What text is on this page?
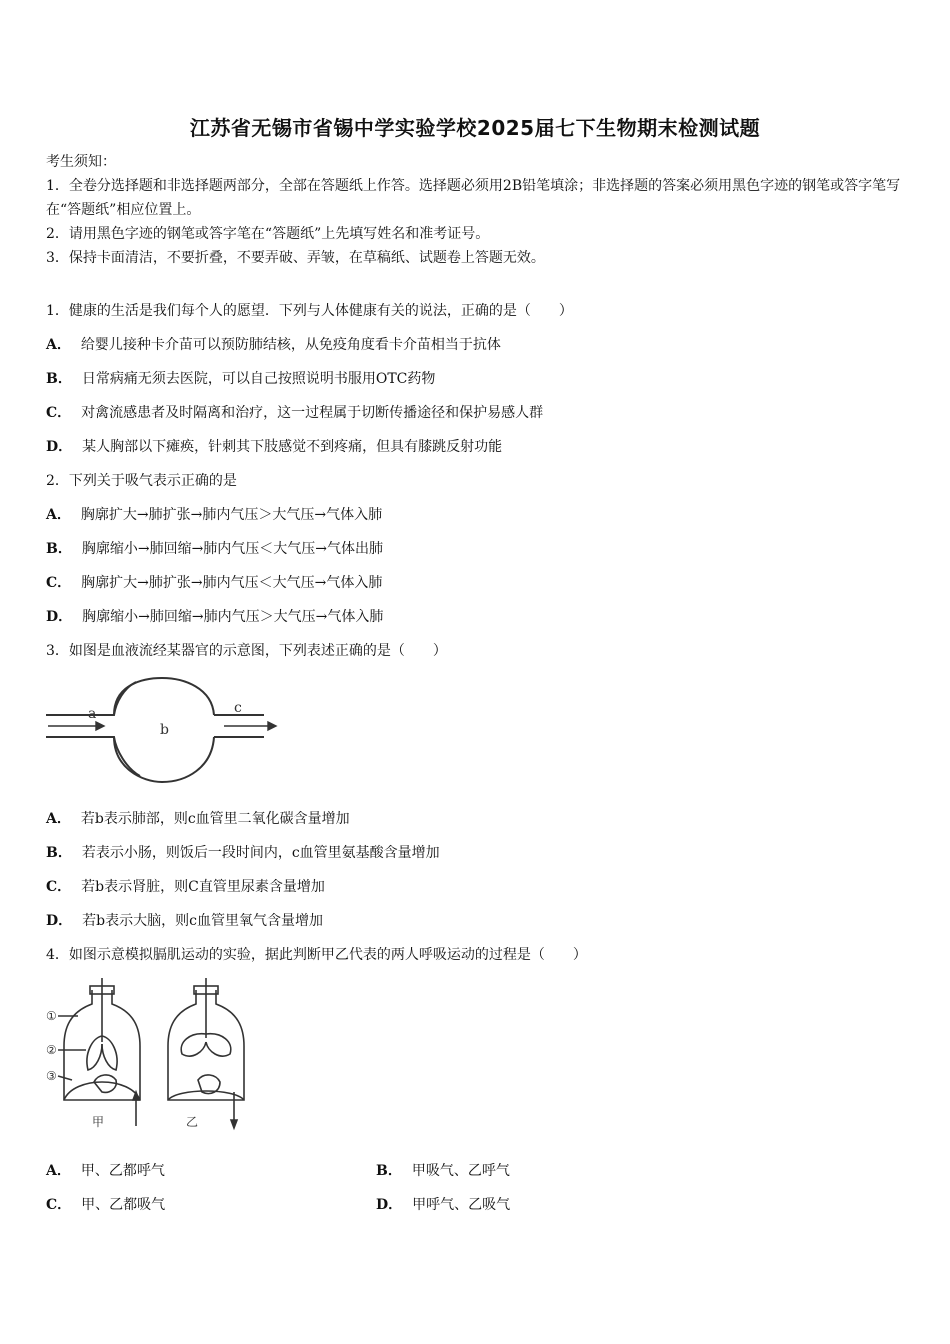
江苏省无锡市省锡中学实验学校2025届七下生物期末检测试题
考生须知：
1．全卷分选择题和非选择题两部分，全部在答题纸上作答。选择题必须用2B铅笔填涂；非选择题的答案必须用黑色字迹的钢笔或答字笔写在“答题纸”相应位置上。
2．请用黑色字迹的钢笔或答字笔在“答题纸”上先填写姓名和准考证号。
3．保持卡面清洁，不要折叠，不要弄破、弄皱，在草稿纸、试题卷上答题无效。
1．健康的生活是我们每个人的愿望．下列与人体健康有关的说法，正确的是（　　）
A． 给婴儿接种卡介苗可以预防肺结核，从免疫角度看卡介苗相当于抗体
B． 日常病痛无须去医院，可以自己按照说明书服用OTC药物
C． 对禽流感患者及时隔离和治疗，这一过程属于切断传播途径和保护易感人群
D． 某人胸部以下瘫痪，针刺其下肢感觉不到疼痛，但具有膝跳反射功能
2．下列关于吸气表示正确的是
A． 胸廓扩大→肺扩张→肺内气压＞大气压→气体入肺
B． 胸廓缩小→肺回缩→肺内气压＜大气压→气体出肺
C． 胸廓扩大→肺扩张→肺内气压＜大气压→气体入肺
D． 胸廓缩小→肺回缩→肺内气压＞大气压→气体入肺
3．如图是血液流经某器官的示意图，下列表述正确的是（　　）
a
b
c
A． 若b表示肺部，则c血管里二氧化碳含量增加
B． 若表示小肠，则饭后一段时间内，c血管里氨基酸含量增加
C． 若b表示肾脏，则C直管里尿素含量增加
D． 若b表示大脑，则c血管里氧气含量增加
4．如图示意模拟膈肌运动的实验，据此判断甲乙代表的两人呼吸运动的过程是（　　）
①
②
③
甲	乙
A． 甲、乙都呼气	B． 甲吸气、乙呼气
C． 甲、乙都吸气	D． 甲呼气、乙吸气
